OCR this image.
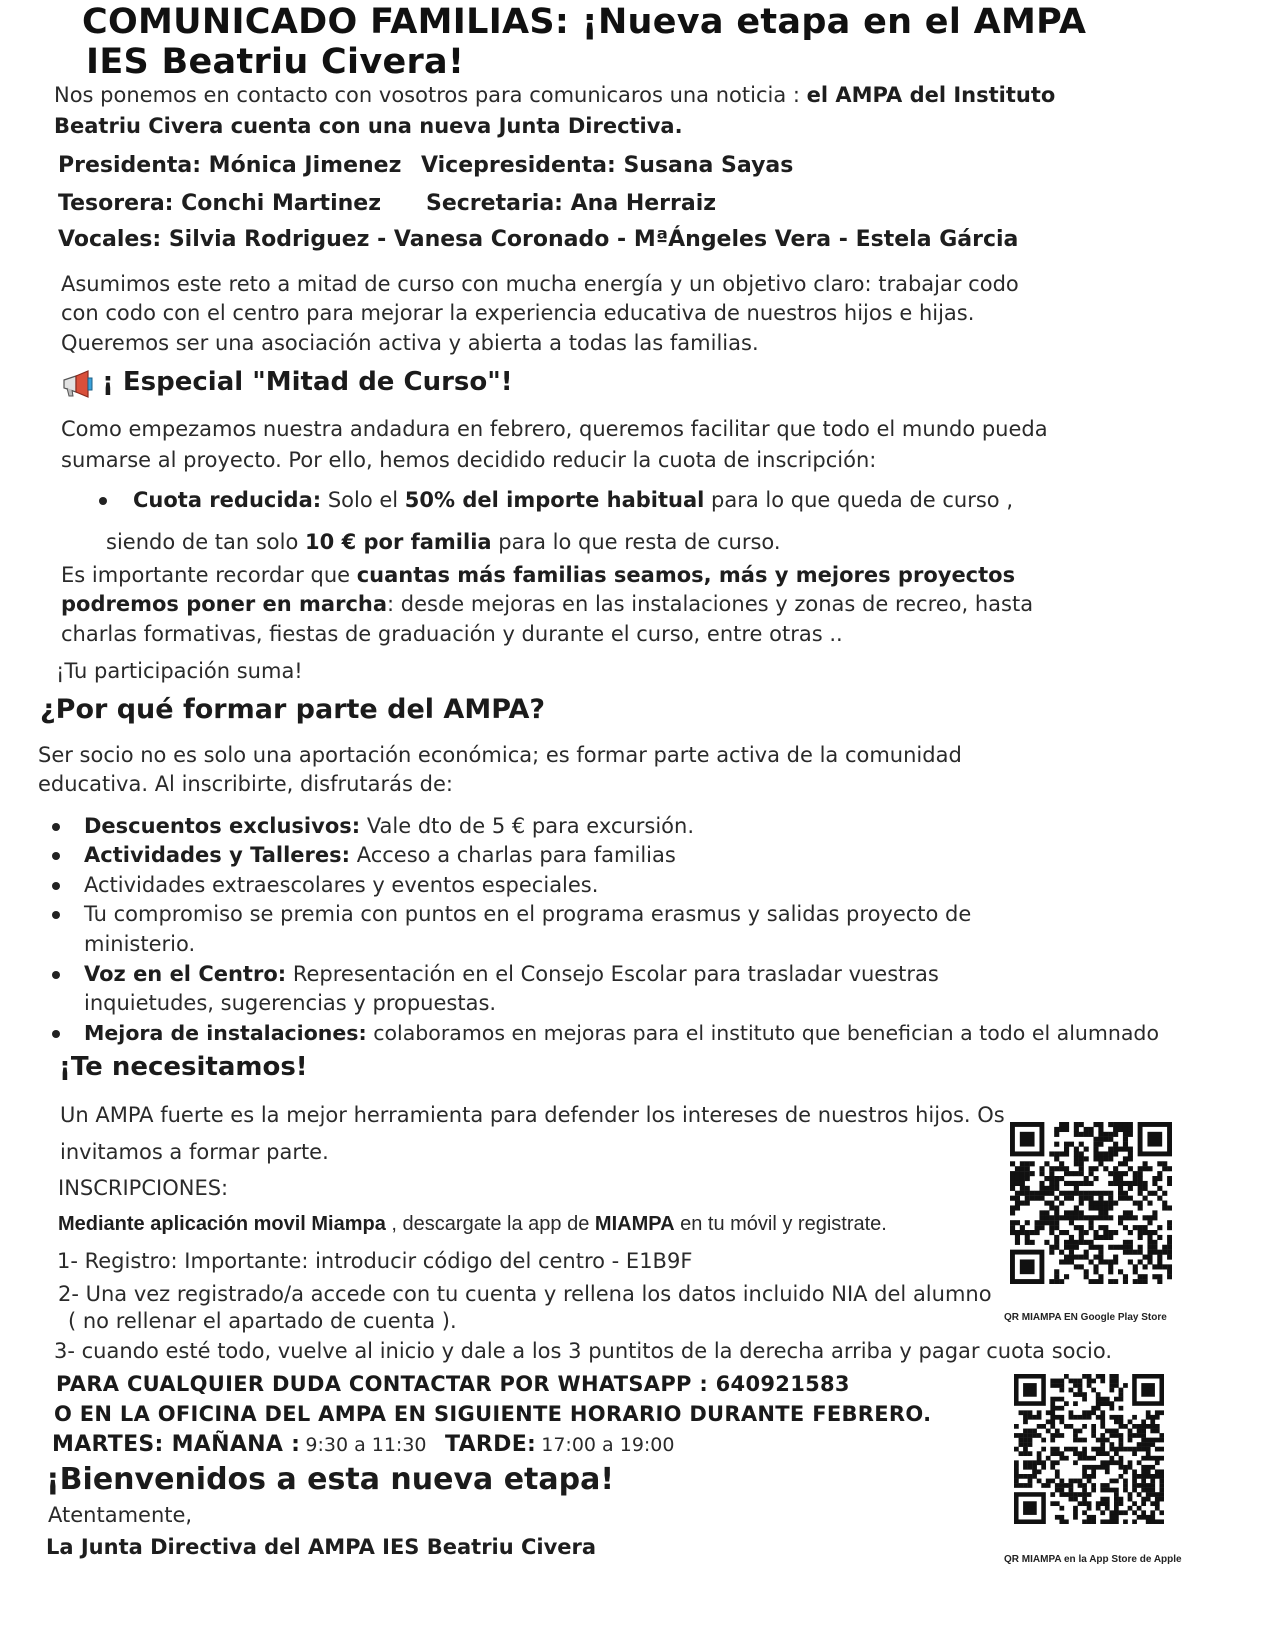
COMUNICADO FAMILIAS: ¡Nueva etapa en el AMPA
IES Beatriu Civera!
Nos ponemos en contacto con vosotros para comunicaros una noticia : el AMPA del Instituto
Beatriu Civera cuenta con una nueva Junta Directiva.
Presidenta: Mónica Jimenez Vicepresidenta: Susana Sayas
Tesorera: Conchi Martinez Secretaria: Ana Herraiz
Vocales: Silvia Rodriguez - Vanesa Coronado - MªÁngeles Vera - Estela Gárcia
Asumimos este reto a mitad de curso con mucha energía y un objetivo claro: trabajar codo
con codo con el centro para mejorar la experiencia educativa de nuestros hijos e hijas.
Queremos ser una asociación activa y abierta a todas las familias.
¡ Especial "Mitad de Curso"!
Como empezamos nuestra andadura en febrero, queremos facilitar que todo el mundo pueda
sumarse al proyecto. Por ello, hemos decidido reducir la cuota de inscripción:
Cuota reducida: Solo el 50% del importe habitual para lo que queda de curso ,
siendo de tan solo 10 € por familia para lo que resta de curso.
Es importante recordar que cuantas más familias seamos, más y mejores proyectos
podremos poner en marcha: desde mejoras en las instalaciones y zonas de recreo, hasta
charlas formativas, fiestas de graduación y durante el curso, entre otras ..
¡Tu participación suma!
¿Por qué formar parte del AMPA?
Ser socio no es solo una aportación económica; es formar parte activa de la comunidad
educativa. Al inscribirte, disfrutarás de:
Descuentos exclusivos: Vale dto de 5 € para excursión.
Actividades y Talleres: Acceso a charlas para familias
Actividades extraescolares y eventos especiales.
Tu compromiso se premia con puntos en el programa erasmus y salidas proyecto de
ministerio.
Voz en el Centro: Representación en el Consejo Escolar para trasladar vuestras
inquietudes, sugerencias y propuestas.
Mejora de instalaciones: colaboramos en mejoras para el instituto que benefician a todo el alumnado
¡Te necesitamos!
Un AMPA fuerte es la mejor herramienta para defender los intereses de nuestros hijos. Os
invitamos a formar parte.
INSCRIPCIONES:
Mediante aplicación movil Miampa , descargate la app de MIAMPA en tu móvil y registrate.
1- Registro: Importante: introducir código del centro - E1B9F
2- Una vez registrado/a accede con tu cuenta y rellena los datos incluido NIA del alumno
( no rellenar el apartado de cuenta ).
3- cuando esté todo, vuelve al inicio y dale a los 3 puntitos de la derecha arriba y pagar cuota socio.
PARA CUALQUIER DUDA CONTACTAR POR WHATSAPP : 640921583
O EN LA OFICINA DEL AMPA EN SIGUIENTE HORARIO DURANTE FEBRERO.
MARTES: MAÑANA : 9:30 a 11:30 TARDE: 17:00 a 19:00
¡Bienvenidos a esta nueva etapa!
Atentamente,
La Junta Directiva del AMPA IES Beatriu Civera
QR MIAMPA EN Google Play Store
QR MIAMPA en la App Store de Apple
